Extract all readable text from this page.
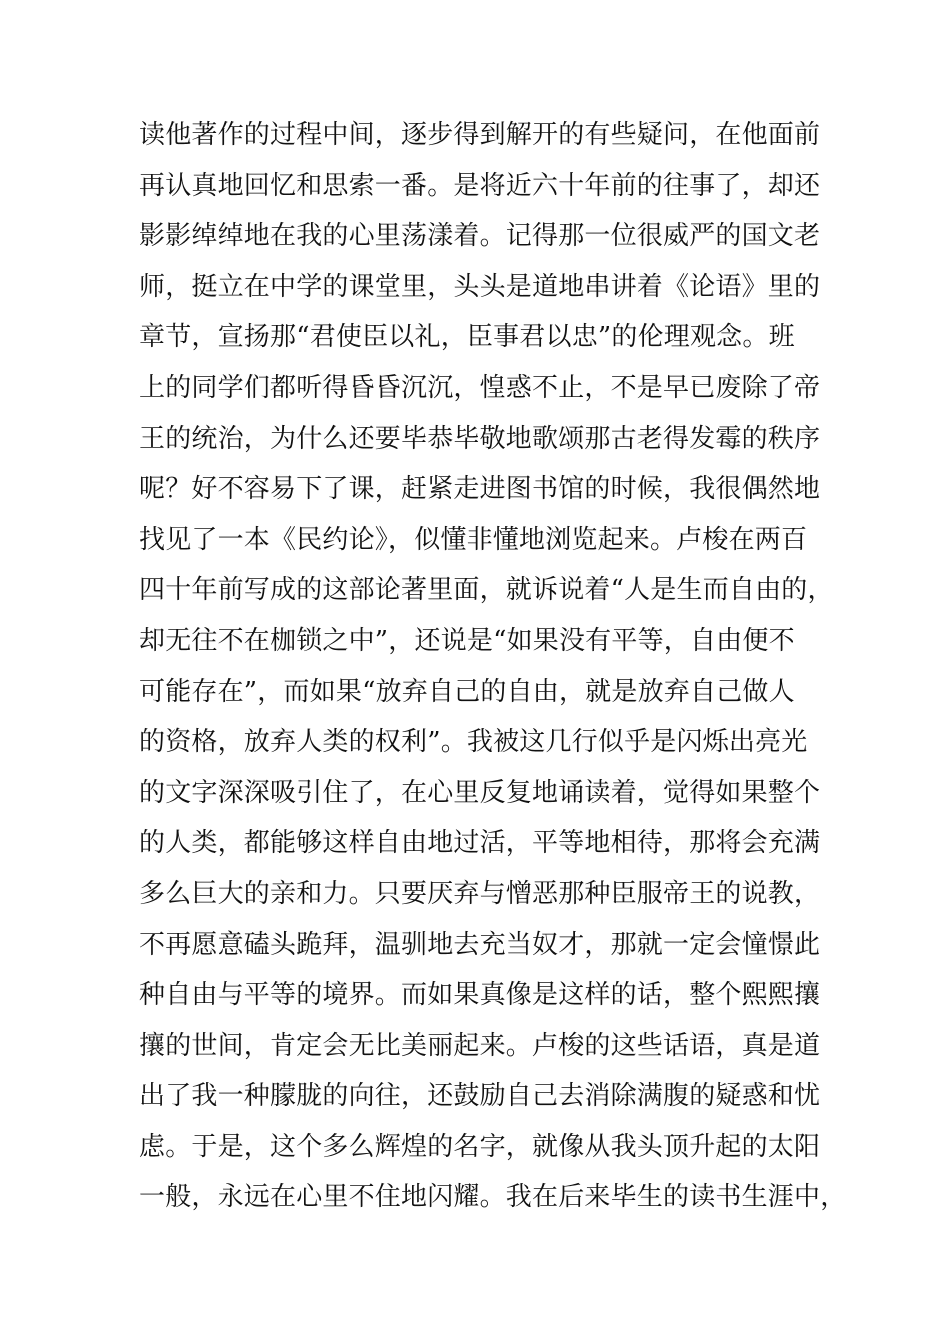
读他著作的过程中间，逐步得到解开的有些疑问，在他面前
再认真地回忆和思索一番。是将近六十年前的往事了，却还
影影绰绰地在我的心里荡漾着。记得那一位很威严的国文老
师，挺立在中学的课堂里，头头是道地串讲着《论语》里的
章节，宣扬那“君使臣以礼，臣事君以忠”的伦理观念。班
上的同学们都听得昏昏沉沉，惶惑不止，不是早已废除了帝
王的统治，为什么还要毕恭毕敬地歌颂那古老得发霉的秩序
呢？好不容易下了课，赶紧走进图书馆的时候，我很偶然地
找见了一本《民约论》，似懂非懂地浏览起来。卢梭在两百
四十年前写成的这部论著里面，就诉说着“人是生而自由的，
却无往不在枷锁之中”，还说是“如果没有平等，自由便不
可能存在”，而如果“放弃自己的自由，就是放弃自己做人
的资格，放弃人类的权利”。我被这几行似乎是闪烁出亮光
的文字深深吸引住了，在心里反复地诵读着，觉得如果整个
的人类，都能够这样自由地过活，平等地相待，那将会充满
多么巨大的亲和力。只要厌弃与憎恶那种臣服帝王的说教，
不再愿意磕头跪拜，温驯地去充当奴才，那就一定会憧憬此
种自由与平等的境界。而如果真像是这样的话，整个熙熙攘
攘的世间，肯定会无比美丽起来。卢梭的这些话语，真是道
出了我一种朦胧的向往，还鼓励自己去消除满腹的疑惑和忧
虑。于是，这个多么辉煌的名字，就像从我头顶升起的太阳
一般，永远在心里不住地闪耀。我在后来毕生的读书生涯中，
